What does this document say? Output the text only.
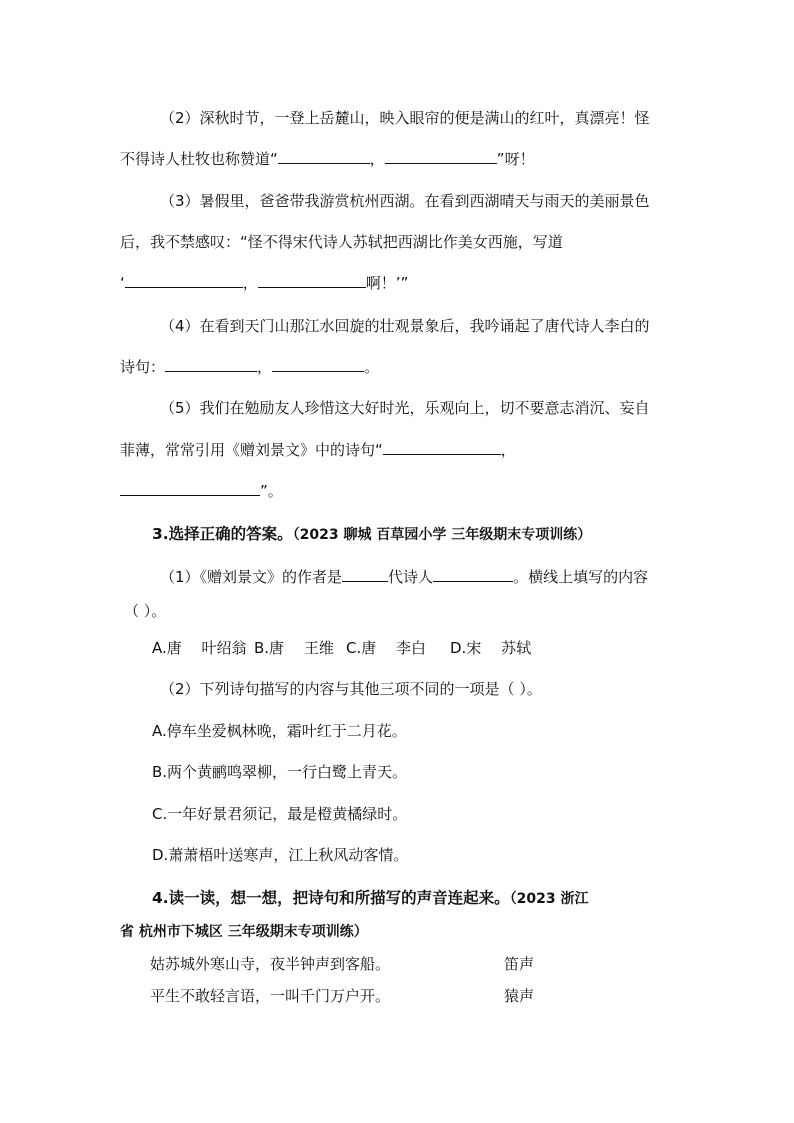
（2）深秋时节，一登上岳麓山，映入眼帘的便是满山的红叶，真漂亮！怪
不得诗人杜牧也称赞道“	，	”呀！
（3）暑假里，爸爸带我游赏杭州西湖。在看到西湖晴天与雨天的美丽景色
后，我不禁感叹：“怪不得宋代诗人苏轼把西湖比作美女西施，写道
‘	，	啊！’”
（4）在看到天门山那江水回旋的壮观景象后，我吟诵起了唐代诗人李白的
诗句：	，	。
（5）我们在勉励友人珍惜这大好时光，乐观向上，切不要意志消沉、妄自
菲薄，常常引用《赠刘景文》中的诗句“	，
”。
3.选择正确的答案。（2023 聊城 百草园小学 三年级期末专项训练）
（1）《赠刘景文》的作者是	代诗人	。横线上填写的内容
（ ）。
A.唐　 叶绍翁 B.唐　 王维 C.唐　 李白 D.宋　 苏轼
（2）下列诗句描写的内容与其他三项不同的一项是（ ）。
A.停车坐爱枫林晚，霜叶红于二月花。
B.两个黄鹂鸣翠柳，一行白鹭上青天。
C.一年好景君须记，最是橙黄橘绿时。
D.萧萧梧叶送寒声，江上秋风动客情。
4.读一读，想一想，把诗句和所描写的声音连起来。（2023 浙江
省 杭州市下城区 三年级期末专项训练）
姑苏城外寒山寺，夜半钟声到客船。	笛声
平生不敢轻言语，一叫千门万户开。	猿声
